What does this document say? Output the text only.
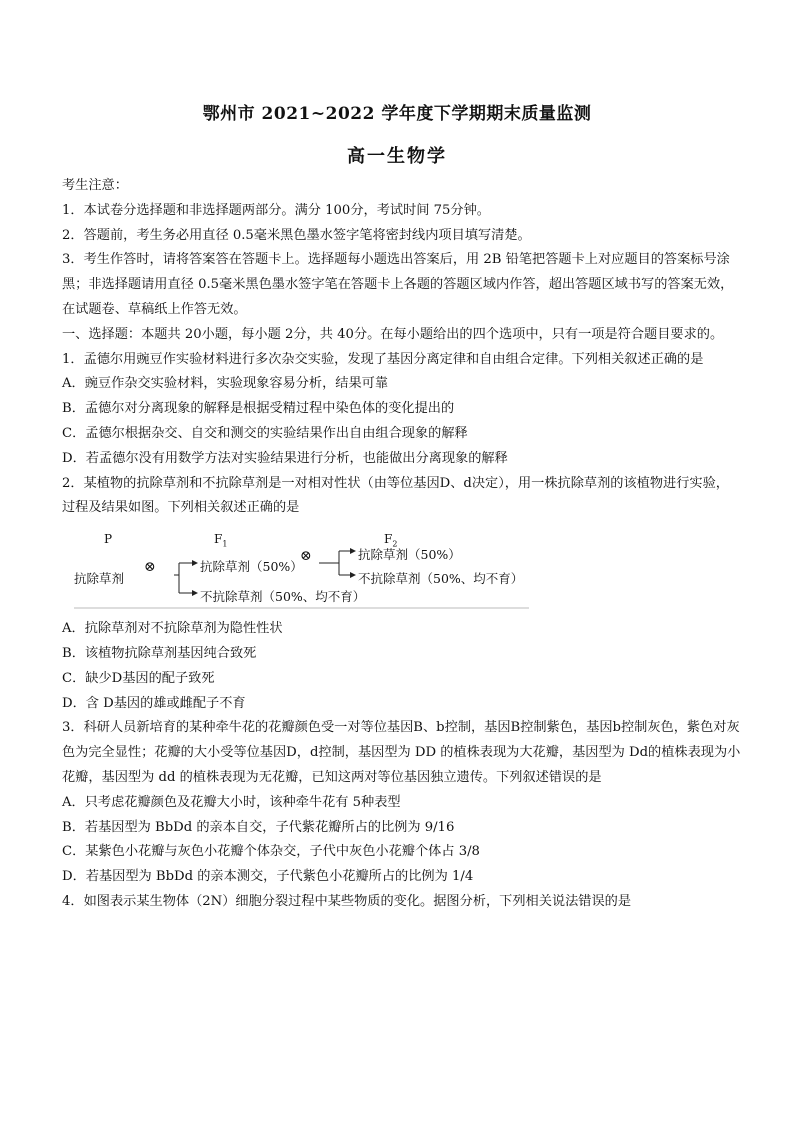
鄂州市 2021~2022 学年度下学期期末质量监测
高一生物学

考生注意：

1．本试卷分选择题和非选择题两部分。满分 100分，考试时间 75分钟。

2．答题前，考生务必用直径 0.5毫米黑色墨水签字笔将密封线内项目填写清楚。

3．考生作答时，请将答案答在答题卡上。选择题每小题选出答案后，用 2B 铅笔把答题卡上对应题目的答案标号涂黑；非选择题请用直径 0.5毫米黑色墨水签字笔在答题卡上各题的答题区域内作答，超出答题区域书写的答案无效，在试题卷、草稿纸上作答无效。

一、选择题：本题共 20小题，每小题 2分，共 40分。在每小题给出的四个选项中，只有一项是符合题目要求的。

1．孟德尔用豌豆作实验材料进行多次杂交实验，发现了基因分离定律和自由组合定律。下列相关叙述正确的是

A．豌豆作杂交实验材料，实验现象容易分析，结果可靠

B．孟德尔对分离现象的解释是根据受精过程中染色体的变化提出的

C．孟德尔根据杂交、自交和测交的实验结果作出自由组合现象的解释

D．若孟德尔没有用数学方法对实验结果进行分析，也能做出分离现象的解释

2．某植物的抗除草剂和不抗除草剂是一对相对性状（由等位基因D、d决定），用一株抗除草剂的该植物进行实验，过程及结果如图。下列相关叙述正确的是

P	$F_1$	$F_2$
⊗
⊗
抗除草剂
抗除草剂（50%）
不抗除草剂（50%、均不育）
抗除草剂（50%）
不抗除草剂（50%、均不育）

A．抗除草剂对不抗除草剂为隐性性状

B．该植物抗除草剂基因纯合致死

C．缺少D基因的配子致死

D．含 D基因的雄或雌配子不育

3．科研人员新培育的某种牵牛花的花瓣颜色受一对等位基因B、b控制，基因B控制紫色，基因b控制灰色，紫色对灰色为完全显性；花瓣的大小受等位基因D，d控制，基因型为 DD 的植株表现为大花瓣，基因型为 Dd的植株表现为小花瓣，基因型为 dd 的植株表现为无花瓣，已知这两对等位基因独立遗传。下列叙述错误的是

A．只考虑花瓣颜色及花瓣大小时，该种牵牛花有 5种表型

B．若基因型为 BbDd 的亲本自交，子代紫花瓣所占的比例为 9/16

C．某紫色小花瓣与灰色小花瓣个体杂交，子代中灰色小花瓣个体占 3/8

D．若基因型为 BbDd 的亲本测交，子代紫色小花瓣所占的比例为 1/4

4．如图表示某生物体（2N）细胞分裂过程中某些物质的变化。据图分析，下列相关说法错误的是
